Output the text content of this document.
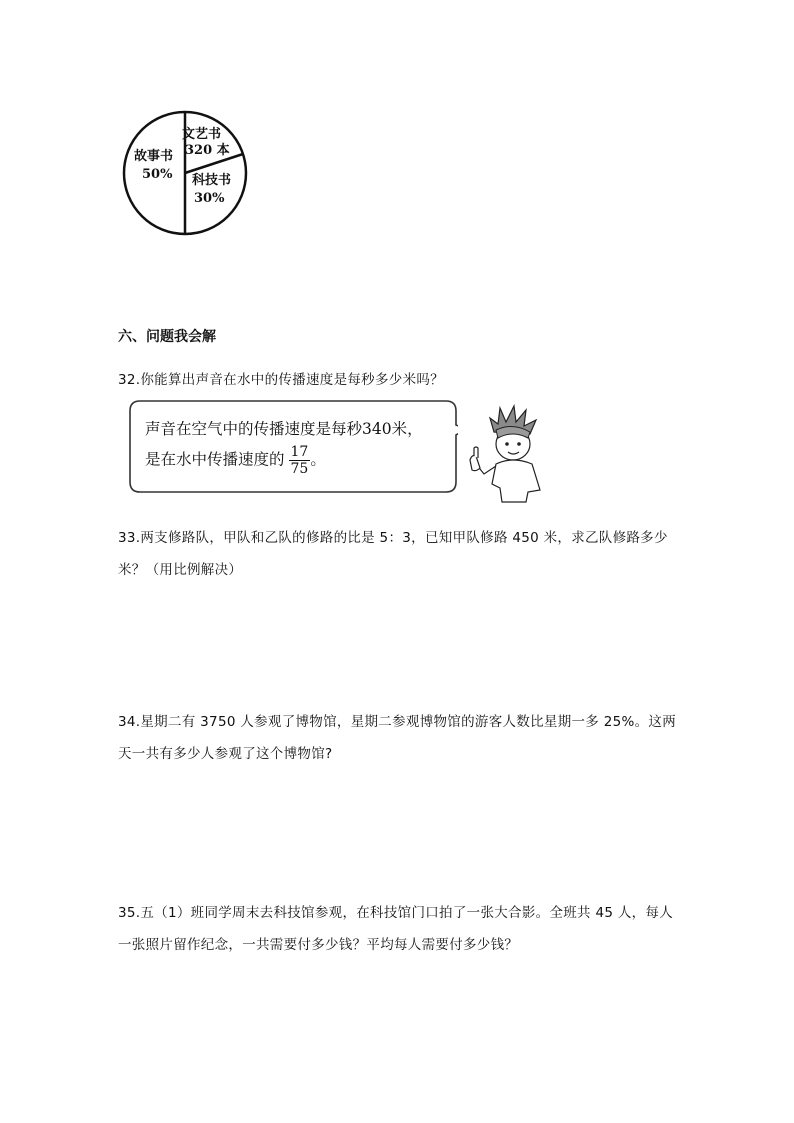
故事书
50%
文艺书
320 本
科技书
30%
六、问题我会解
32.你能算出声音在水中的传播速度是每秒多少米吗？
声音在空气中的传播速度是每秒340米，
是在水中传播速度的 $\frac{17}{75}$ 。
33.两支修路队，甲队和乙队的修路的比是 5：3，已知甲队修路 450 米，求乙队修路多少
米？（用比例解决）
34.星期二有 3750 人参观了博物馆，星期二参观博物馆的游客人数比星期一多 25%。这两
天一共有多少人参观了这个博物馆?
35.五（1）班同学周末去科技馆参观，在科技馆门口拍了一张大合影。全班共 45 人，每人
一张照片留作纪念，一共需要付多少钱？平均每人需要付多少钱？
